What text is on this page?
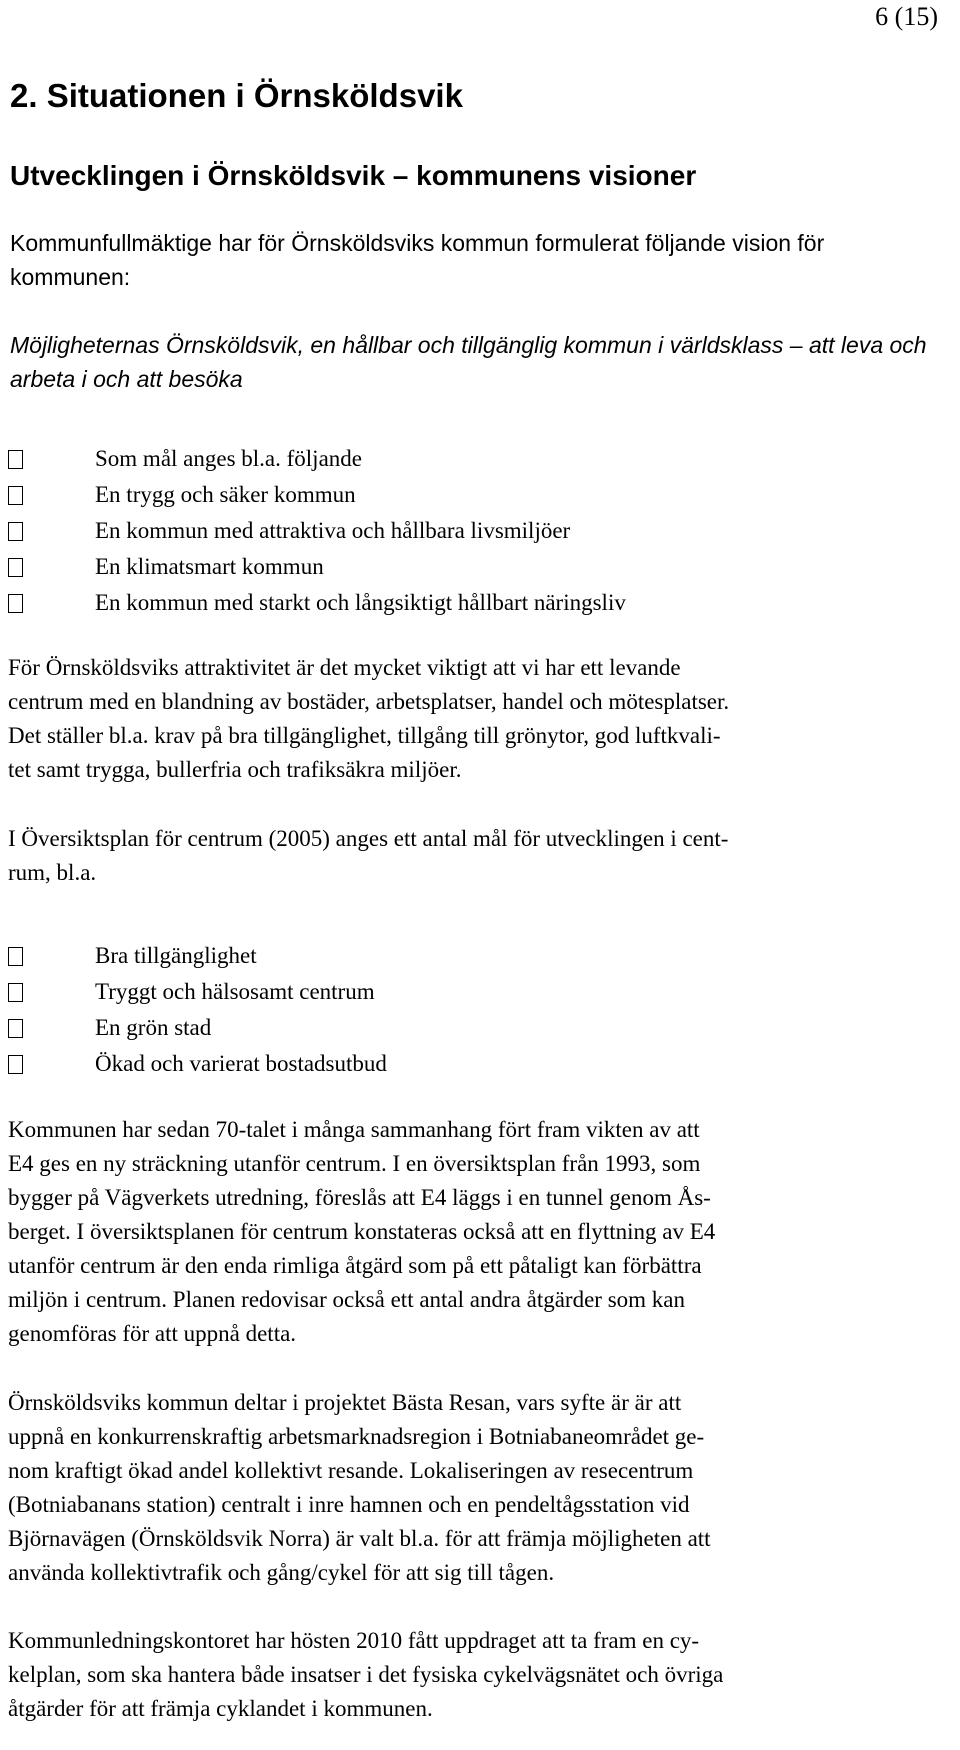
6 (15)
2. Situationen i Örnsköldsvik
Utvecklingen i Örnsköldsvik – kommunens visioner
Kommunfullmäktige har för Örnsköldsviks kommun formulerat följande vision för kommunen:
Möjligheternas Örnsköldsvik, en hållbar och tillgänglig kommun i världsklass – att leva och arbeta i och att besöka
Som mål anges bl.a. följande
En trygg och säker kommun
En kommun med attraktiva och hållbara livsmiljöer
En klimatsmart kommun
En kommun med starkt och långsiktigt hållbart näringsliv

För Örnsköldsviks attraktivitet är det mycket viktigt att vi har ett levande
centrum med en blandning av bostäder, arbetsplatser, handel och mötesplatser.
Det ställer bl.a. krav på bra tillgänglighet, tillgång till grönytor, god luftkvali-
tet samt trygga, bullerfria och trafiksäkra miljöer.

I Översiktsplan för centrum (2005) anges ett antal mål för utvecklingen i cent-
rum, bl.a.

Bra tillgänglighet
Tryggt och hälsosamt centrum
En grön stad
Ökad och varierat bostadsutbud

Kommunen har sedan 70-talet i många sammanhang fört fram vikten av att
E4 ges en ny sträckning utanför centrum. I en översiktsplan från 1993, som
bygger på Vägverkets utredning, föreslås att E4 läggs i en tunnel genom Ås-
berget. I översiktsplanen för centrum konstateras också att en flyttning av E4
utanför centrum är den enda rimliga åtgärd som på ett påtaligt kan förbättra
miljön i centrum. Planen redovisar också ett antal andra åtgärder som kan
genomföras för att uppnå detta.

Örnsköldsviks kommun deltar i projektet Bästa Resan, vars syfte är är att
uppnå en konkurrenskraftig arbetsmarknadsregion i Botniabaneområdet ge-
nom kraftigt ökad andel kollektivt resande. Lokaliseringen av resecentrum
(Botniabanans station) centralt i inre hamnen och en pendeltågsstation vid
Björnavägen (Örnsköldsvik Norra) är valt bl.a. för att främja möjligheten att
använda kollektivtrafik och gång/cykel för att sig till tågen.

Kommunledningskontoret har hösten 2010 fått uppdraget att ta fram en cy-
kelplan, som ska hantera både insatser i det fysiska cykelvägsnätet och övriga
åtgärder för att främja cyklandet i kommunen.
